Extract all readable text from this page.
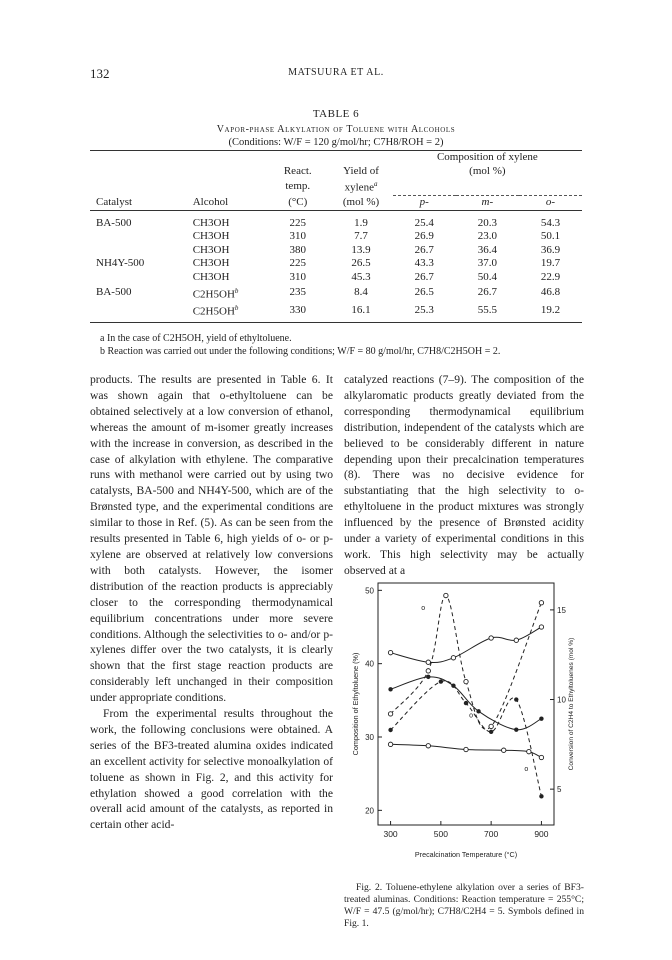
132	MATSUURA ET AL.
TABLE 6
Vapor-phase Alkylation of Toluene with Alcohols
(Conditions: W/F = 120 g/mol/hr; C7H8/ROH = 2)
				Composition of xylene		
		React.	Yield of	(mol %)		
		temp.	xylene$^a$	
Catalyst	Alcohol	(°C)	(mol %)	p-	m-	o-

BA-500	CH3OH	225	1.9	25.4	20.3	54.3
	CH3OH	310	7.7	26.9	23.0	50.1
	CH3OH	380	13.9	26.7	36.4	36.9
NH4Y-500	CH3OH	225	26.5	43.3	37.0	19.7
	CH3OH	310	45.3	26.7	50.4	22.9
BA-500	$C2H5OH^b$	235	8.4	26.5	26.7	46.8
	$C2H5OH^b$	330	16.1	25.3	55.5	19.2
a In the case of C2H5OH, yield of ethyltoluene.
b Reaction was carried out under the following conditions; W/F = 80 g/mol/hr, C7H8/C2H5OH = 2.

products. The results are presented in Table 6. It was shown again that o-ethyltoluene can be obtained selectively at a low conversion of ethanol, whereas the amount of m-isomer greatly increases with the increase in conversion, as described in the case of alkylation with ethylene. The comparative runs with methanol were carried out by using two catalysts, BA-500 and NH4Y-500, which are of the Brønsted type, and the experimental conditions are similar to those in Ref. (5). As can be seen from the results presented in Table 6, high yields of o- or p-xylene are observed at relatively low conversions with both catalysts. However, the isomer distribution of the reaction products is appreciably closer to the corresponding thermodynamical equilibrium concentrations under more severe conditions. Although the selectivities to o- and/or p-xylenes differ over the two catalysts, it is clearly shown that the first stage reaction products are considerably left unchanged in their composition under appropriate conditions.

From the experimental results throughout the work, the following conclusions were obtained. A series of the BF3-treated alumina oxides indicated an excellent activity for selective monoalkylation of toluene as shown in Fig. 2, and this activity for ethylation showed a good correlation with the overall acid amount of the catalysts, as reported in certain other acid-

catalyzed reactions (7–9). The composition of the alkylaromatic products greatly deviated from the corresponding thermodynamical equilibrium distribution, independent of the catalysts which are believed to be considerably different in nature depending upon their precalcination temperatures (8). There was no decisive evidence for substantiating that the high selectivity to o-ethyltoluene in the product mixtures was strongly influenced by the presence of Brønsted acidity under a variety of experimental conditions in this work. This high selectivity may be actually observed at a

300	500	700	900
20
30
40
50
5
10
15
Precalcination Temperature (°C)
Composition of Ethyltoluene (%)	Conversion of C2H4 to Ethyltoluenes (mol %)
o
o
o
Fig. 2. Toluene-ethylene alkylation over a series of BF3-treated aluminas. Conditions: Reaction temperature = 255°C; W/F = 47.5 (g/mol/hr); C7H8/C2H4 = 5. Symbols defined in Fig. 1.
